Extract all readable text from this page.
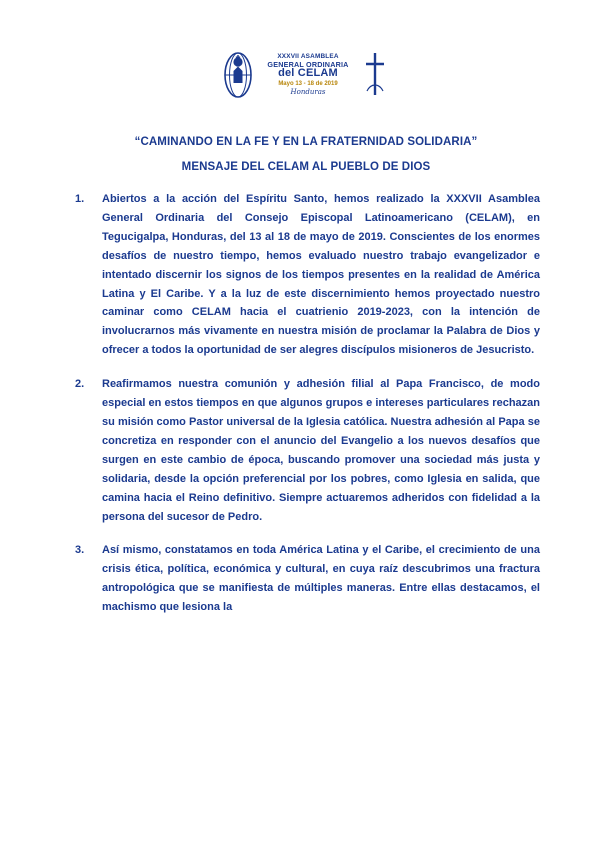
XXXVII ASAMBLEA
GENERAL ORDINARIA
del CELAM
Mayo 13 - 18 de 2019
Honduras
“CAMINANDO EN LA FE Y EN LA FRATERNIDAD SOLIDARIA”
MENSAJE DEL CELAM AL PUEBLO DE DIOS
1.	Abiertos a la acción del Espíritu Santo, hemos realizado la XXXVII Asamblea General Ordinaria del Consejo Episcopal Latinoamericano (CELAM), en Tegucigalpa, Honduras, del 13 al 18 de mayo de 2019. Conscientes de los enormes desafíos de nuestro tiempo, hemos evaluado nuestro trabajo evangelizador e intentado discernir los signos de los tiempos presentes en la realidad de América Latina y El Caribe. Y a la luz de este discernimiento hemos proyectado nuestro caminar como CELAM hacia el cuatrienio 2019-2023, con la intención de involucrarnos más vivamente en nuestra misión de proclamar la Palabra de Dios y ofrecer a todos la oportunidad de ser alegres discípulos misioneros de Jesucristo.
2.	Reafirmamos nuestra comunión y adhesión filial al Papa Francisco, de modo especial en estos tiempos en que algunos grupos e intereses particulares rechazan su misión como Pastor universal de la Iglesia católica. Nuestra adhesión al Papa se concretiza en responder con el anuncio del Evangelio a los nuevos desafíos que surgen en este cambio de época, buscando promover una sociedad más justa y solidaria, desde la opción preferencial por los pobres, como Iglesia en salida, que camina hacia el Reino definitivo. Siempre actuaremos adheridos con fidelidad a la persona del sucesor de Pedro.
3.	Así mismo, constatamos en toda América Latina y el Caribe, el crecimiento de una crisis ética, política, económica y cultural, en cuya raíz descubrimos una fractura antropológica que se manifiesta de múltiples maneras. Entre ellas destacamos, el machismo que lesiona la
